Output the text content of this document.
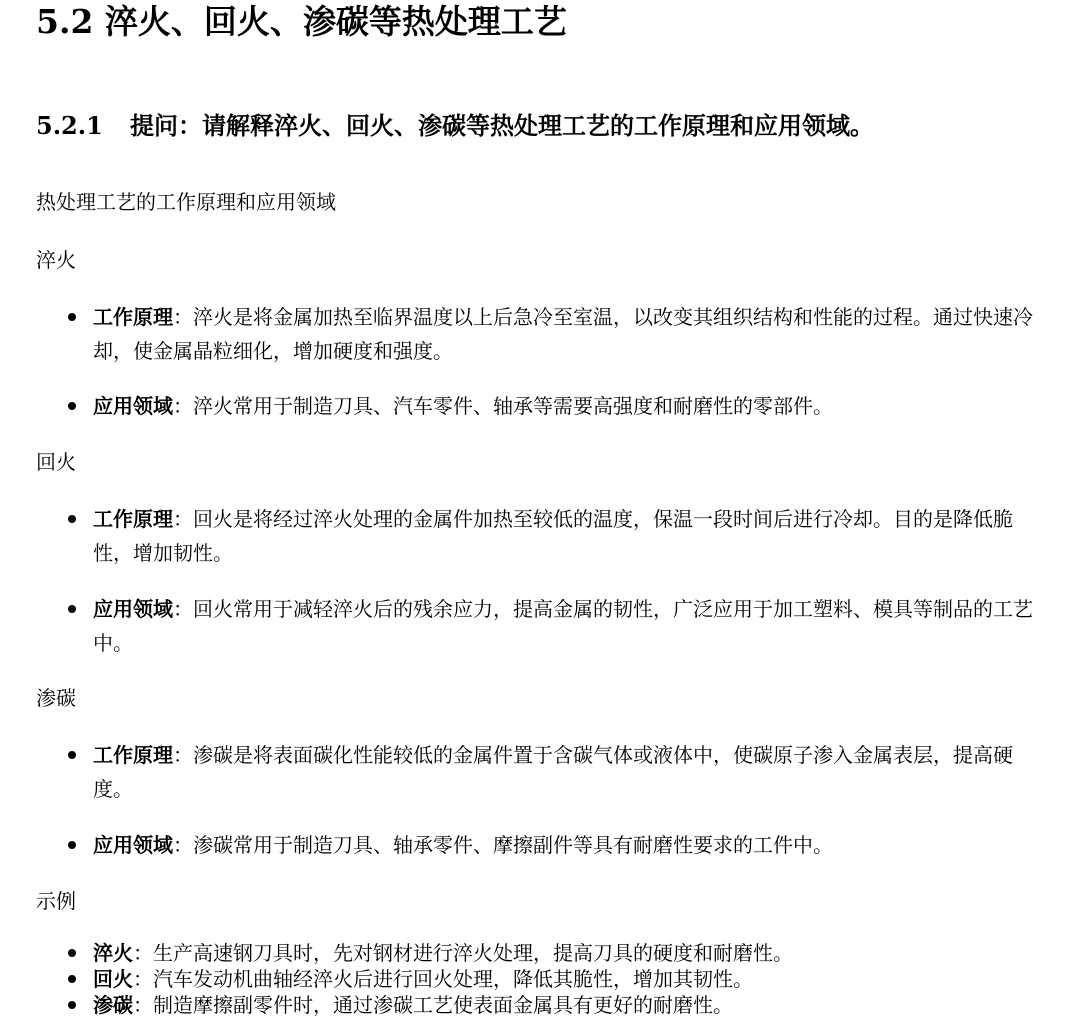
5.2 淬火、回火、渗碳等热处理工艺
5.2.1 提问：请解释淬火、回火、渗碳等热处理工艺的工作原理和应用领域。
热处理工艺的工作原理和应用领域
淬火
工作原理：淬火是将金属加热至临界温度以上后急冷至室温，以改变其组织结构和性能的过程。通过快速冷却，使金属晶粒细化，增加硬度和强度。
应用领域：淬火常用于制造刀具、汽车零件、轴承等需要高强度和耐磨性的零部件。
回火
工作原理：回火是将经过淬火处理的金属件加热至较低的温度，保温一段时间后进行冷却。目的是降低脆性，增加韧性。
应用领域：回火常用于减轻淬火后的残余应力，提高金属的韧性，广泛应用于加工塑料、模具等制品的工艺中。
渗碳
工作原理：渗碳是将表面碳化性能较低的金属件置于含碳气体或液体中，使碳原子渗入金属表层，提高硬度。
应用领域：渗碳常用于制造刀具、轴承零件、摩擦副件等具有耐磨性要求的工件中。
示例
淬火：生产高速钢刀具时，先对钢材进行淬火处理，提高刀具的硬度和耐磨性。
回火：汽车发动机曲轴经淬火后进行回火处理，降低其脆性，增加其韧性。
渗碳：制造摩擦副零件时，通过渗碳工艺使表面金属具有更好的耐磨性。
